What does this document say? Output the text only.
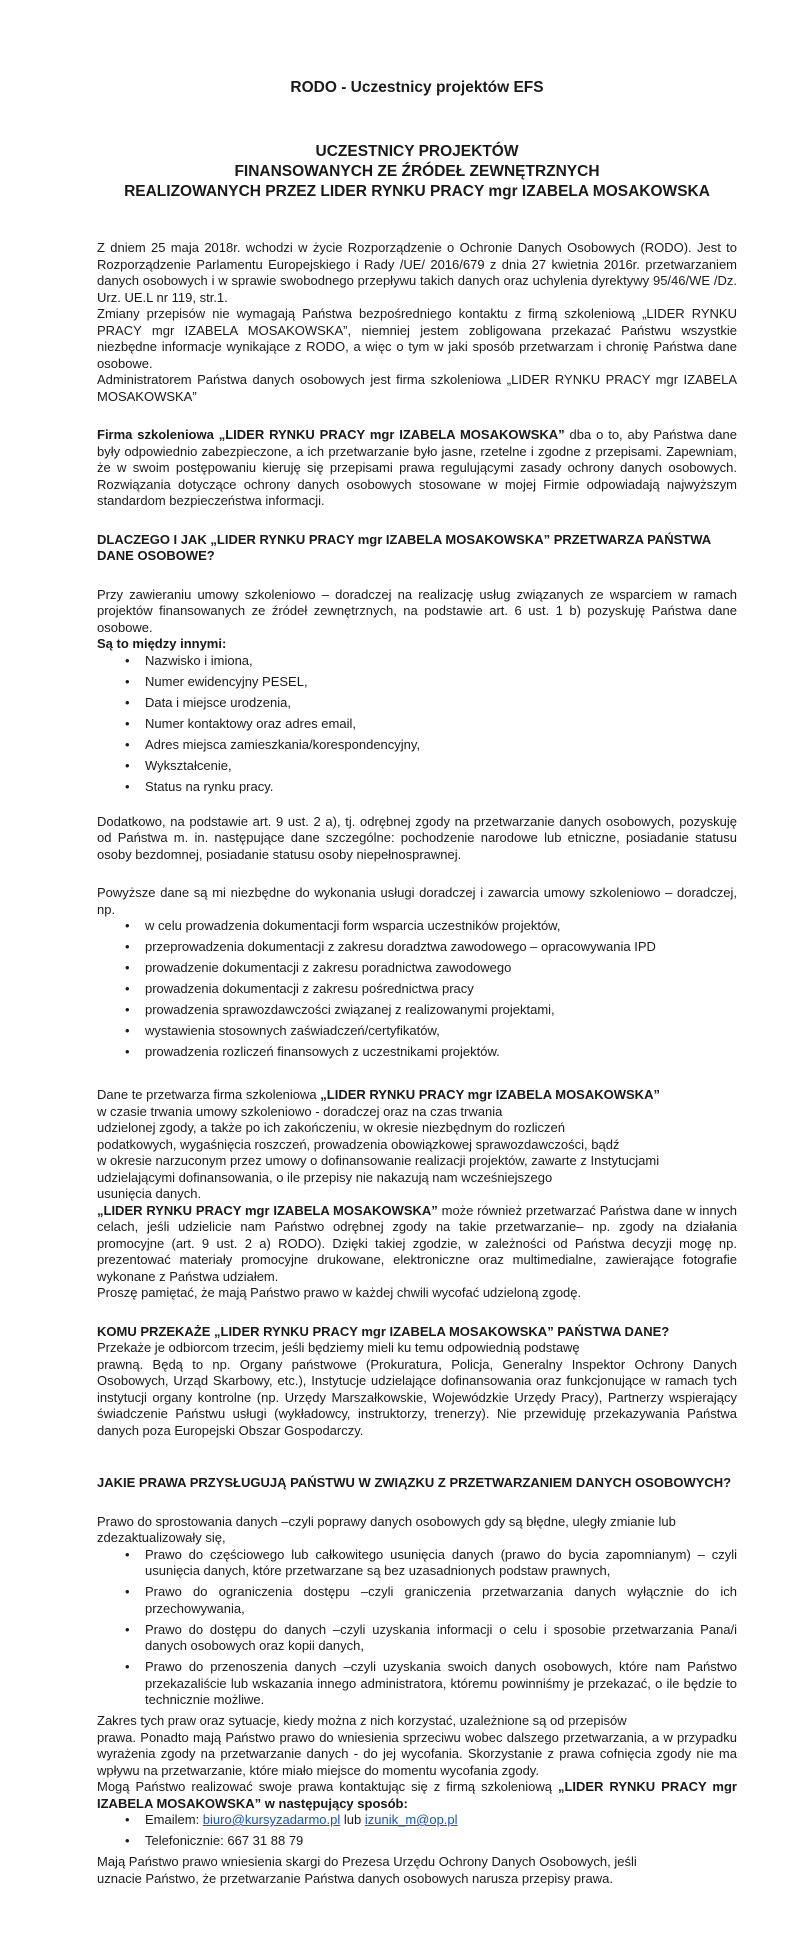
RODO - Uczestnicy projektów EFS
UCZESTNICY PROJEKTÓW
FINANSOWANYCH ZE ŹRÓDEŁ ZEWNĘTRZNYCH
REALIZOWANYCH PRZEZ LIDER RYNKU PRACY mgr IZABELA MOSAKOWSKA

Z dniem 25 maja 2018r. wchodzi w życie Rozporządzenie o Ochronie Danych Osobowych (RODO). Jest to Rozporządzenie Parlamentu Europejskiego i Rady /UE/ 2016/679 z dnia 27 kwietnia 2016r. przetwarzaniem danych osobowych i w sprawie swobodnego przepływu takich danych oraz uchylenia dyrektywy 95/46/WE /Dz. Urz. UE.L nr 119, str.1.

Zmiany przepisów nie wymagają Państwa bezpośredniego kontaktu z firmą szkoleniową „LIDER RYNKU PRACY mgr IZABELA MOSAKOWSKA”, niemniej jestem zobligowana przekazać Państwu wszystkie niezbędne informacje wynikające z RODO, a więc o tym w jaki sposób przetwarzam i chronię Państwa dane osobowe.

Administratorem Państwa danych osobowych jest firma szkoleniowa „LIDER RYNKU PRACY mgr IZABELA MOSAKOWSKA”

Firma szkoleniowa „LIDER RYNKU PRACY mgr IZABELA MOSAKOWSKA” dba o to, aby Państwa dane były odpowiednio zabezpieczone, a ich przetwarzanie było jasne, rzetelne i zgodne z przepisami. Zapewniam, że w swoim postępowaniu kieruję się przepisami prawa regulującymi zasady ochrony danych osobowych. Rozwiązania dotyczące ochrony danych osobowych stosowane w mojej Firmie odpowiadają najwyższym standardom bezpieczeństwa informacji.

DLACZEGO I JAK „LIDER RYNKU PRACY mgr IZABELA MOSAKOWSKA” PRZETWARZA PAŃSTWA DANE OSOBOWE?

Przy zawieraniu umowy szkoleniowo – doradczej na realizację usług związanych ze wsparciem w ramach projektów finansowanych ze źródeł zewnętrznych, na podstawie art. 6 ust. 1 b) pozyskuję Państwa dane osobowe.

Są to między innymi:

• Nazwisko i imiona,
• Numer ewidencyjny PESEL,
• Data i miejsce urodzenia,
• Numer kontaktowy oraz adres email,
• Adres miejsca zamieszkania/korespondencyjny,
• Wykształcenie,
• Status na rynku pracy.

Dodatkowo, na podstawie art. 9 ust. 2 a), tj. odrębnej zgody na przetwarzanie danych osobowych, pozyskuję od Państwa m. in. następujące dane szczególne: pochodzenie narodowe lub etniczne, posiadanie statusu osoby bezdomnej, posiadanie statusu osoby niepełnosprawnej.

Powyższe dane są mi niezbędne do wykonania usługi doradczej i zawarcia umowy szkoleniowo – doradczej, np.

• w celu prowadzenia dokumentacji form wsparcia uczestników projektów,
• przeprowadzenia dokumentacji z zakresu doradztwa zawodowego – opracowywania IPD
• prowadzenie dokumentacji z zakresu poradnictwa zawodowego
• prowadzenia dokumentacji z zakresu pośrednictwa pracy
• prowadzenia sprawozdawczości związanej z realizowanymi projektami,
• wystawienia stosownych zaświadczeń/certyfikatów,
• prowadzenia rozliczeń finansowych z uczestnikami projektów.

Dane te przetwarza firma szkoleniowa „LIDER RYNKU PRACY mgr IZABELA MOSAKOWSKA”

w czasie trwania umowy szkoleniowo - doradczej oraz na czas trwania
udzielonej zgody, a także po ich zakończeniu, w okresie niezbędnym do rozliczeń
podatkowych, wygaśnięcia roszczeń, prowadzenia obowiązkowej sprawozdawczości, bądź
w okresie narzuconym przez umowy o dofinansowanie realizacji projektów, zawarte z Instytucjami
udzielającymi dofinansowania, o ile przepisy nie nakazują nam wcześniejszego
usunięcia danych.

„LIDER RYNKU PRACY mgr IZABELA MOSAKOWSKA” może również przetwarzać Państwa dane w innych celach, jeśli udzielicie nam Państwo odrębnej zgody na takie przetwarzanie– np. zgody na działania promocyjne (art. 9 ust. 2 a) RODO). Dzięki takiej zgodzie, w zależności od Państwa decyzji mogę np. prezentować materiały promocyjne drukowane, elektroniczne oraz multimedialne, zawierające fotografie wykonane z Państwa udziałem.

Proszę pamiętać, że mają Państwo prawo w każdej chwili wycofać udzieloną zgodę.

KOMU PRZEKAŻE „LIDER RYNKU PRACY mgr IZABELA MOSAKOWSKA” PAŃSTWA DANE?

Przekaże je odbiorcom trzecim, jeśli będziemy mieli ku temu odpowiednią podstawę

prawną. Będą to np. Organy państwowe (Prokuratura, Policja, Generalny Inspektor Ochrony Danych Osobowych, Urząd Skarbowy, etc.), Instytucje udzielające dofinansowania oraz funkcjonujące w ramach tych instytucji organy kontrolne (np. Urzędy Marszałkowskie, Wojewódzkie Urzędy Pracy), Partnerzy wspierający świadczenie Państwu usługi (wykładowcy, instruktorzy, trenerzy). Nie przewiduję przekazywania Państwa danych poza Europejski Obszar Gospodarczy.

JAKIE PRAWA PRZYSŁUGUJĄ PAŃSTWU W ZWIĄZKU Z PRZETWARZANIEM DANYCH OSOBOWYCH?

Prawo do sprostowania danych –czyli poprawy danych osobowych gdy są błędne, uległy zmianie lub zdezaktualizowały się,

• Prawo do częściowego lub całkowitego usunięcia danych (prawo do bycia zapomnianym) – czyli usunięcia danych, które przetwarzane są bez uzasadnionych podstaw prawnych,
• Prawo do ograniczenia dostępu –czyli graniczenia przetwarzania danych wyłącznie do ich przechowywania,
• Prawo do dostępu do danych –czyli uzyskania informacji o celu i sposobie przetwarzania Pana/i danych osobowych oraz kopii danych,
• Prawo do przenoszenia danych –czyli uzyskania swoich danych osobowych, które nam Państwo przekazaliście lub wskazania innego administratora, któremu powinniśmy je przekazać, o ile będzie to technicznie możliwe.
Zakres tych praw oraz sytuacje, kiedy można z nich korzystać, uzależnione są od przepisów

prawa. Ponadto mają Państwo prawo do wniesienia sprzeciwu wobec dalszego przetwarzania, a w przypadku wyrażenia zgody na przetwarzanie danych - do jej wycofania. Skorzystanie z prawa cofnięcia zgody nie ma wpływu na przetwarzanie, które miało miejsce do momentu wycofania zgody.

Mogą Państwo realizować swoje prawa kontaktując się z firmą szkoleniową „LIDER RYNKU PRACY mgr IZABELA MOSAKOWSKA” w następujący sposób:

• Emailem: biuro@kursyzadarmo.pl lub izunik_m@op.pl
• Telefonicznie: 667 31 88 79
Mają Państwo prawo wniesienia skargi do Prezesa Urzędu Ochrony Danych Osobowych, jeśli
uznacie Państwo, że przetwarzanie Państwa danych osobowych narusza przepisy prawa.
